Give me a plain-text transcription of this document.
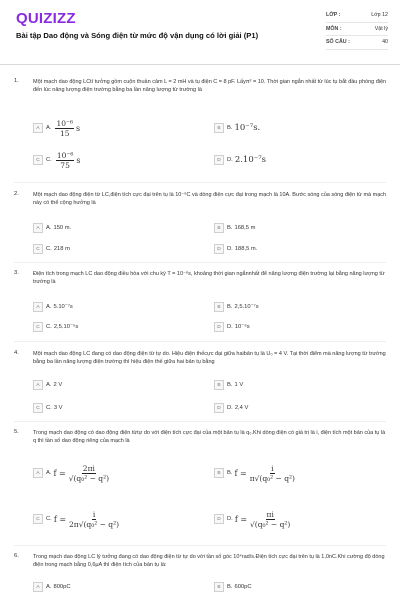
QUIZIZZ
Bài tập Dao động và Sóng điện từ mức độ vận dụng có lời giải (P1)
LỚP :	Lớp 12
MÔN :	Vật lý
SỐ CÂU :	40
1.	Một mạch dao động LCtí tưởng gồm cuộn thuần cảm L = 2 mH và tụ điện C = 8 pF. Lấyπ² = 10. Thời gian ngắn nhất từ lúc tụ bắt đầu phóng điện đến lúc năng lượng điện trường bằng ba lần năng lượng từ trường là
A	A. $\frac{\text{10⁻⁶}}{15}$ s	B	B. 10⁻⁷s.
C	C. $\frac{\text{10⁻⁶}}{75}$ s	D	D. 2.10⁻⁷s
2.	Một mạch dao động điện từ LC,điện tích cực đại trên tụ là 10⁻⁶C và dòng điện cực đại trong mạch là 10A. Bước sóng của sóng điện từ mà mạch này có thể cộng hưởng là
A	A. 150 m.	B	B. 168,5 m
C	C. 218 m	D	D. 188,5 m.
3.	Điện tích trong mạch LC dao động điều hòa với chu kỳ T = 10⁻⁶s, khoảng thời gian ngắnnhất để năng lượng điện trường lại bằng năng lượng từ trường là
A	A. 5.10⁻⁷s	B	B. 2,5.10⁻⁷s
C	C. 2,5.10⁻⁵s	D	D. 10⁻⁶s
4.	Một mạch dao động LC đang có dao động điện từ tự do. Hiệu điện thếcực đại giữa haibản tụ là U₀ = 4 V. Tại thời điểm mà năng lượng từ trường bằng ba lần năng lượng điện trường thì hiệu điện thế giữa hai bản tụ bằng
A	A. 2 V	B	B. 1 V
C	C. 3 V	D	D. 2,4 V
5.	Trong mạch dao động có dao động điện từtự do với điện tích cực đại của một bản tụ là q₀.Khi dòng điện có giá trị là i, điện tích một bản của tụ là q thì tần số dao động riêng của mạch là
A	A. $f = \frac{2\pi i}{\text{√(q₀² − q²)}}$	B	B. $f = \frac{i}{\text{π√(q₀² − q²)}}$
C	C. $f = \frac{i}{\text{2π√(q₀² − q²)}}$	D	D. $f = \frac{\pi i}{\text{√(q₀² − q²)}}$
6.	Trong mạch dao động LC lý tưởng đang có dao động điện từ tự do với tần số góc 10⁴rad/s.Điện tích cực đại trên tụ là 1,0nC.Khi cường độ dòng điện trong mạch bằng 0,6μA thì điện tích của bản tụ là:
A	A. 800pC	B	B. 600pC
